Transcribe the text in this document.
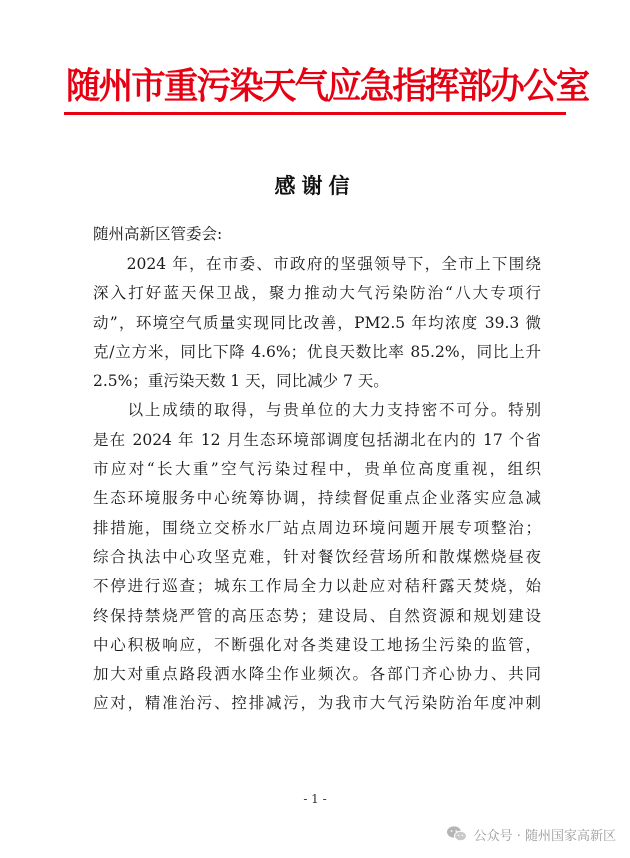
随州市重污染天气应急指挥部办公室
感谢信
随州高新区管委会:
　　2024 年，在市委、市政府的坚强领导下，全市上下围绕
深入打好蓝天保卫战，聚力推动大气污染防治“八大专项行
动”，环境空气质量实现同比改善，PM2.5 年均浓度 39.3 微
克/立方米，同比下降 4.6%；优良天数比率 85.2%，同比上升
2.5%；重污染天数 1 天，同比减少 7 天。
　　以上成绩的取得，与贵单位的大力支持密不可分。特别
是在 2024 年 12 月生态环境部调度包括湖北在内的 17 个省
市应对“长大重”空气污染过程中，贵单位高度重视，组织
生态环境服务中心统筹协调，持续督促重点企业落实应急减
排措施，围绕立交桥水厂站点周边环境问题开展专项整治；
综合执法中心攻坚克难，针对餐饮经营场所和散煤燃烧昼夜
不停进行巡查；城东工作局全力以赴应对秸秆露天焚烧，始
终保持禁烧严管的高压态势；建设局、自然资源和规划建设
中心积极响应，不断强化对各类建设工地扬尘污染的监管，
加大对重点路段洒水降尘作业频次。各部门齐心协力、共同
应对，精准治污、控排减污，为我市大气污染防治年度冲刺
- 1 -
公众号 · 随州国家高新区
